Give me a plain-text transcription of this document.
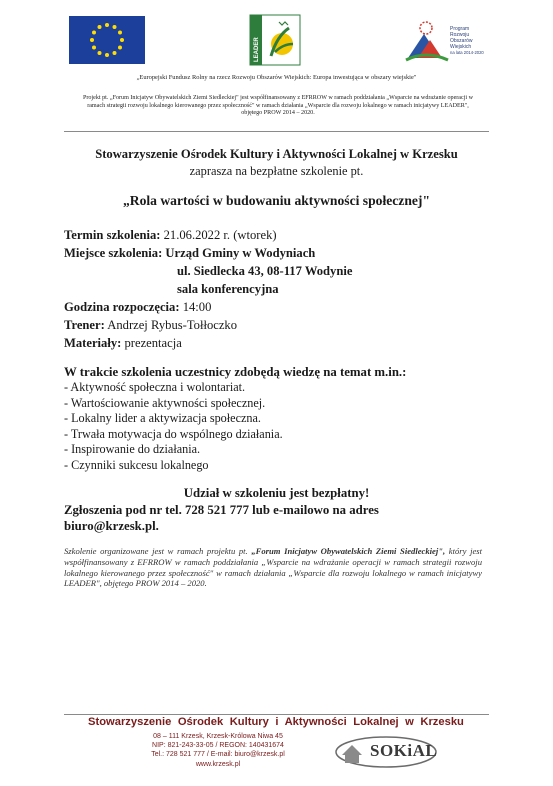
LEADER
Program
Rozwoju
Obszarów
Wiejskich
na lata 2014-2020
„Europejski Fundusz Rolny na rzecz Rozwoju Obszarów Wiejskich: Europa inwestująca w obszary wiejskie"
Projekt pt. „Forum Inicjatyw Obywatelskich Ziemi Siedleckiej" jest współfinansowany z EFRROW w ramach poddziałania „Wsparcie na wdrażanie operacji w ramach strategii rozwoju lokalnego kierowanego przez społeczność" w ramach działania „Wsparcie dla rozwoju lokalnego w ramach inicjatywy LEADER", objętego PROW 2014 – 2020.
Stowarzyszenie Ośrodek Kultury i Aktywności Lokalnej w Krzesku
zaprasza na bezpłatne szkolenie pt.
„Rola wartości w budowaniu aktywności społecznej"
Termin szkolenia: 21.06.2022 r. (wtorek)
Miejsce szkolenia: Urząd Gminy w Wodyniach
ul. Siedlecka 43, 08-117 Wodynie
sala konferencyjna
Godzina rozpoczęcia: 14:00
Trener: Andrzej Rybus-Tołłoczko
Materiały: prezentacja
W trakcie szkolenia uczestnicy zdobędą wiedzę na temat m.in.:
- Aktywność społeczna i wolontariat.
- Wartościowanie aktywności społecznej.
- Lokalny lider a aktywizacja społeczna.
- Trwała motywacja do wspólnego działania.
- Inspirowanie do działania.
- Czynniki sukcesu lokalnego
Udział w szkoleniu jest bezpłatny!
Zgłoszenia pod nr tel. 728 521 777 lub e-mailowo na adres
biuro@krzesk.pl.
Szkolenie organizowane jest w ramach projektu pt. „Forum Inicjatyw Obywatelskich Ziemi Siedleckiej", który jest współfinansowany z EFRROW w ramach poddziałania „Wsparcie na wdrażanie operacji w ramach strategii rozwoju lokalnego kierowanego przez społeczność" w ramach działania „Wsparcie dla rozwoju lokalnego w ramach inicjatywy LEADER", objętego PROW 2014 – 2020.
Stowarzyszenie Ośrodek Kultury i Aktywności Lokalnej w Krzesku
08 – 111 Krzesk, Krzesk-Królowa Niwa 45
NIP: 821-243-33-05 / REGON: 140431674
Tel.: 728 521 777 / E-mail: biuro@krzesk.pl
www.krzesk.pl
SOKiAL
